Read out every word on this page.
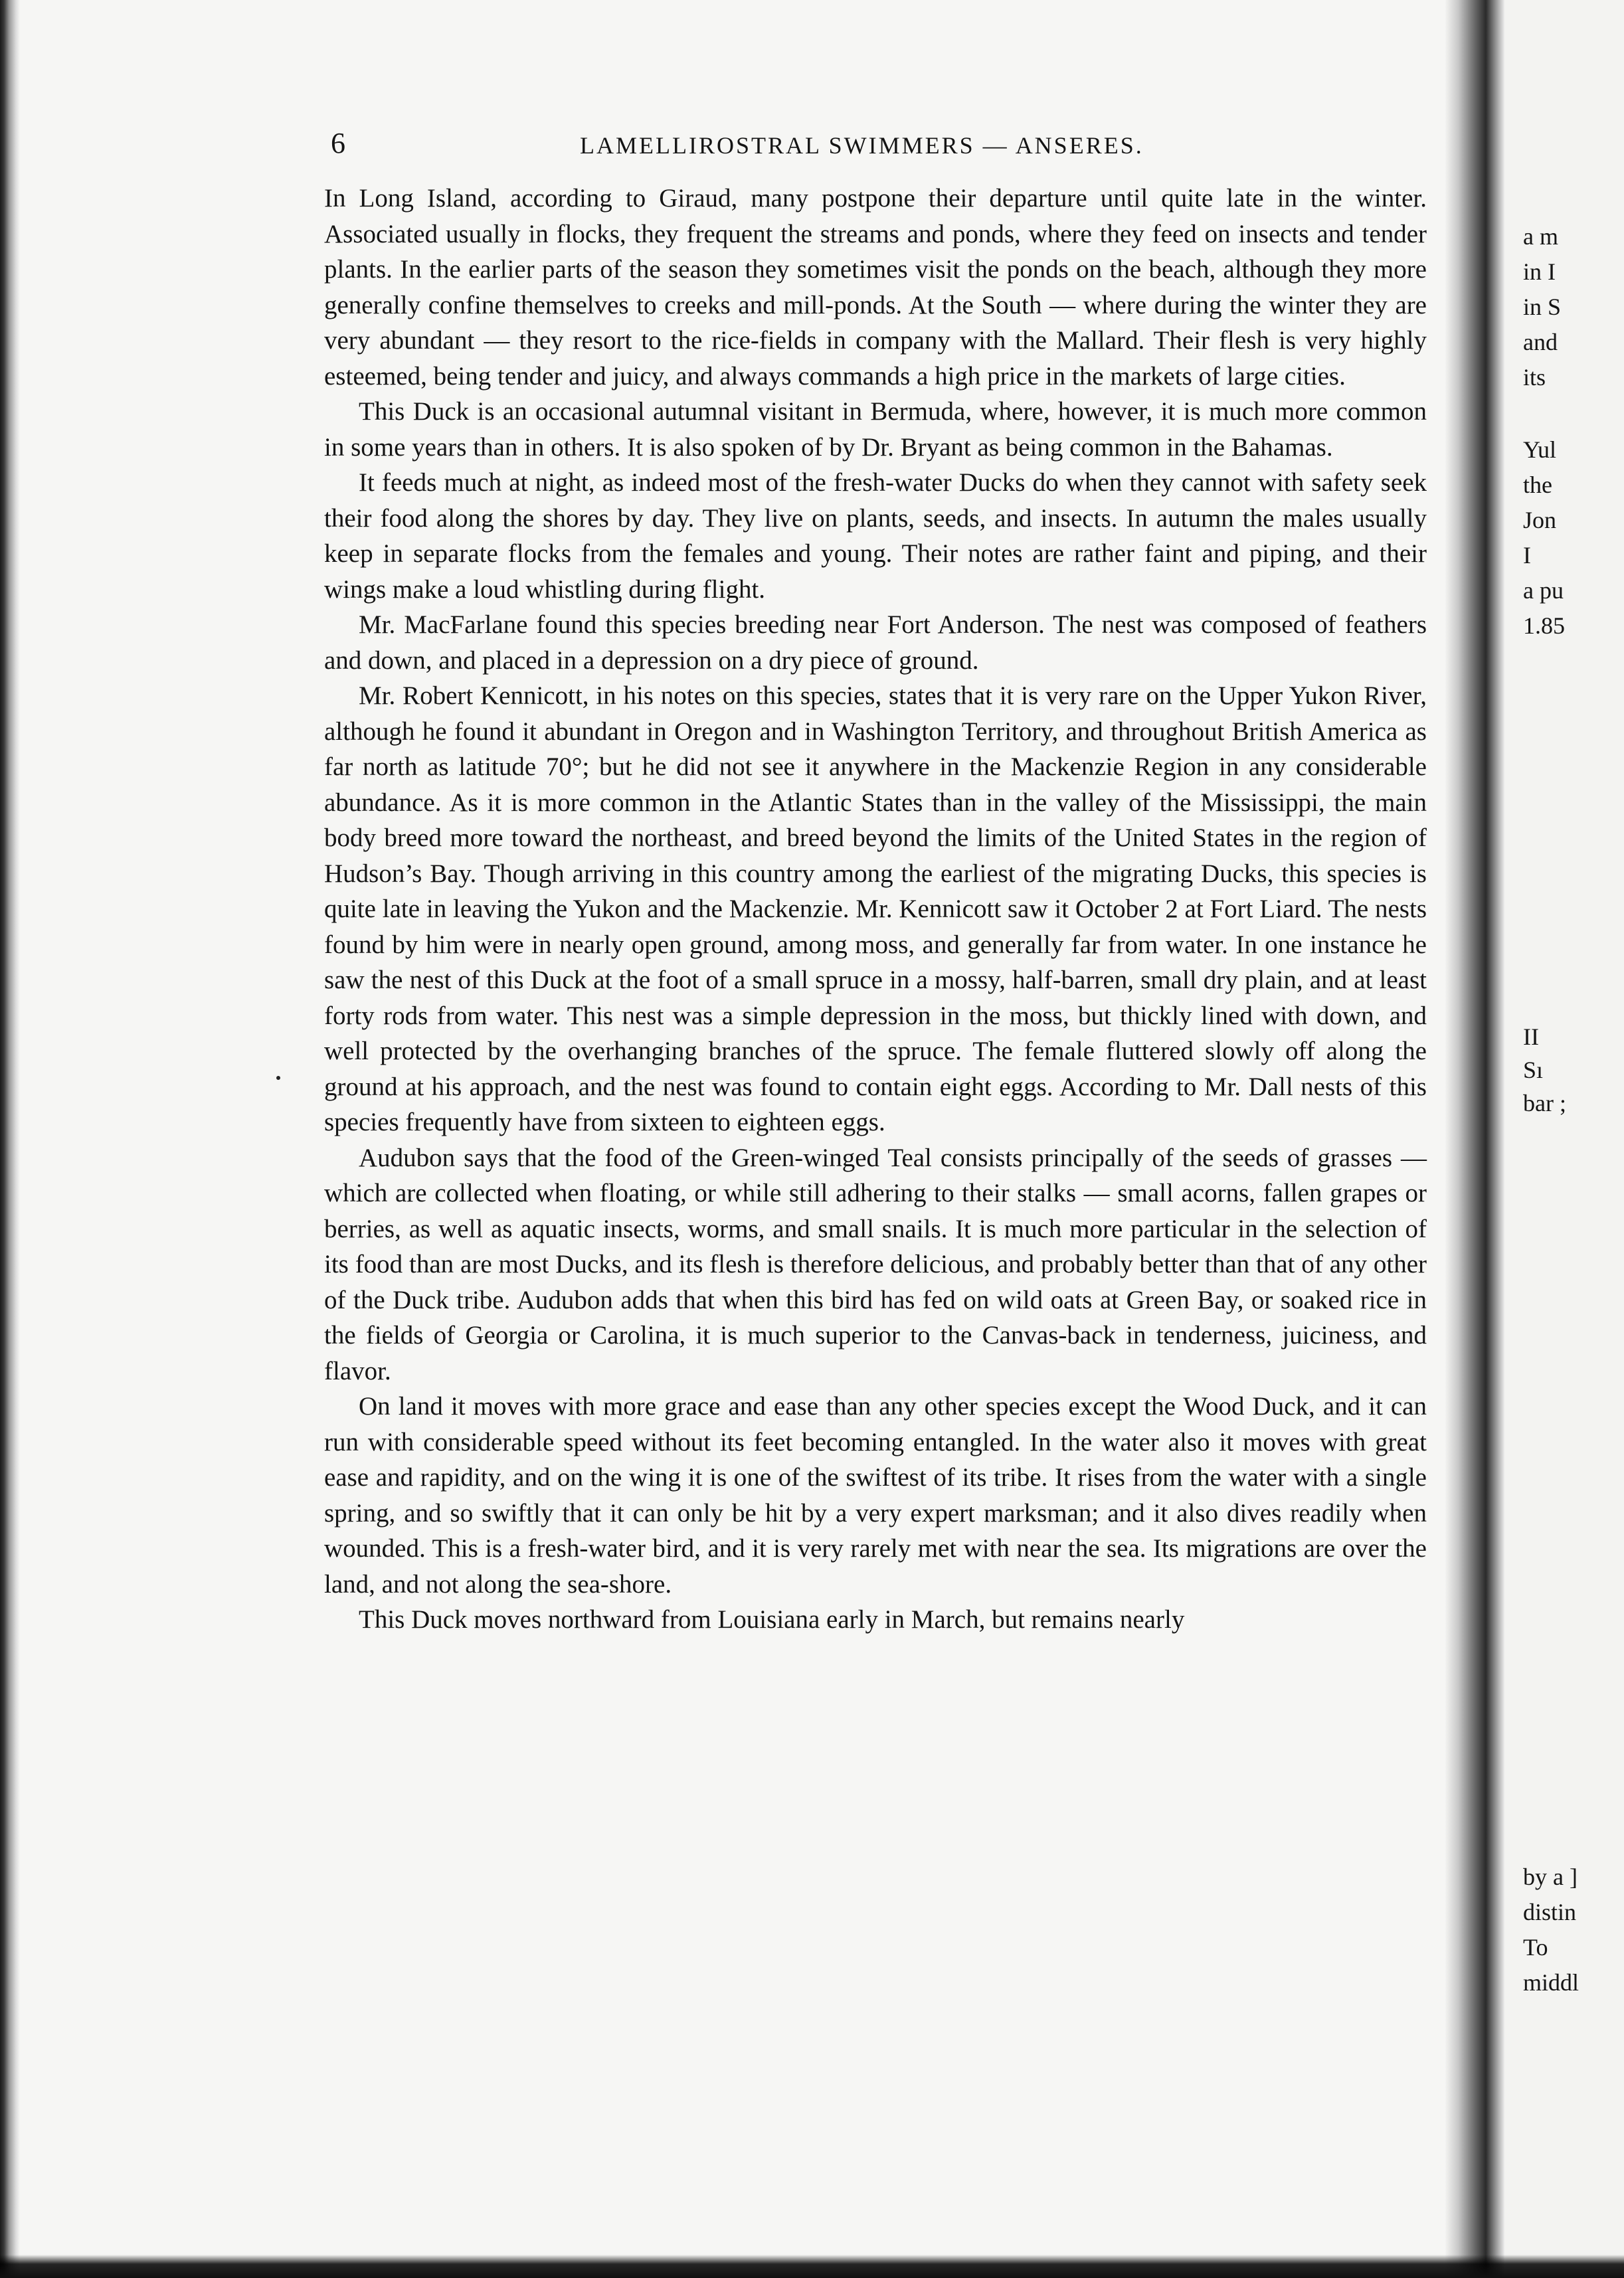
6	LAMELLIROSTRAL SWIMMERS — ANSERES.

In Long Island, according to Giraud, many postpone their departure until quite late in the winter. Associated usually in flocks, they frequent the streams and ponds, where they feed on insects and tender plants. In the earlier parts of the season they sometimes visit the ponds on the beach, although they more generally confine themselves to creeks and mill-ponds. At the South — where during the winter they are very abundant — they resort to the rice-fields in company with the Mallard. Their flesh is very highly esteemed, being tender and juicy, and always commands a high price in the markets of large cities.

This Duck is an occasional autumnal visitant in Bermuda, where, however, it is much more common in some years than in others. It is also spoken of by Dr. Bryant as being common in the Bahamas.

It feeds much at night, as indeed most of the fresh-water Ducks do when they cannot with safety seek their food along the shores by day. They live on plants, seeds, and insects. In autumn the males usually keep in separate flocks from the females and young. Their notes are rather faint and piping, and their wings make a loud whistling during flight.

Mr. MacFarlane found this species breeding near Fort Anderson. The nest was composed of feathers and down, and placed in a depression on a dry piece of ground.

Mr. Robert Kennicott, in his notes on this species, states that it is very rare on the Upper Yukon River, although he found it abundant in Oregon and in Washington Territory, and throughout British America as far north as latitude 70°; but he did not see it anywhere in the Mackenzie Region in any considerable abundance. As it is more common in the Atlantic States than in the valley of the Mississippi, the main body breed more toward the northeast, and breed beyond the limits of the United States in the region of Hudson’s Bay. Though arriving in this country among the earliest of the migrating Ducks, this species is quite late in leaving the Yukon and the Mackenzie. Mr. Kennicott saw it October 2 at Fort Liard. The nests found by him were in nearly open ground, among moss, and generally far from water. In one instance he saw the nest of this Duck at the foot of a small spruce in a mossy, half-barren, small dry plain, and at least forty rods from water. This nest was a simple depression in the moss, but thickly lined with down, and well protected by the overhanging branches of the spruce. The female fluttered slowly off along the ground at his approach, and the nest was found to contain eight eggs. According to Mr. Dall nests of this species frequently have from sixteen to eighteen eggs.

Audubon says that the food of the Green-winged Teal consists principally of the seeds of grasses — which are collected when floating, or while still adhering to their stalks — small acorns, fallen grapes or berries, as well as aquatic insects, worms, and small snails. It is much more particular in the selection of its food than are most Ducks, and its flesh is therefore delicious, and probably better than that of any other of the Duck tribe. Audubon adds that when this bird has fed on wild oats at Green Bay, or soaked rice in the fields of Georgia or Carolina, it is much superior to the Canvas-back in tenderness, juiciness, and flavor.

On land it moves with more grace and ease than any other species except the Wood Duck, and it can run with considerable speed without its feet becoming entangled. In the water also it moves with great ease and rapidity, and on the wing it is one of the swiftest of its tribe. It rises from the water with a single spring, and so swiftly that it can only be hit by a very expert marksman; and it also dives readily when wounded. This is a fresh-water bird, and it is very rarely met with near the sea. Its migrations are over the land, and not along the sea-shore.

This Duck moves northward from Louisiana early in March, but remains nearly

a m
in I
in S
and
its
Yul
the
Jon
I
a pu
1.85
II
Sı
bar ;
by a ]
distin
To
middl
